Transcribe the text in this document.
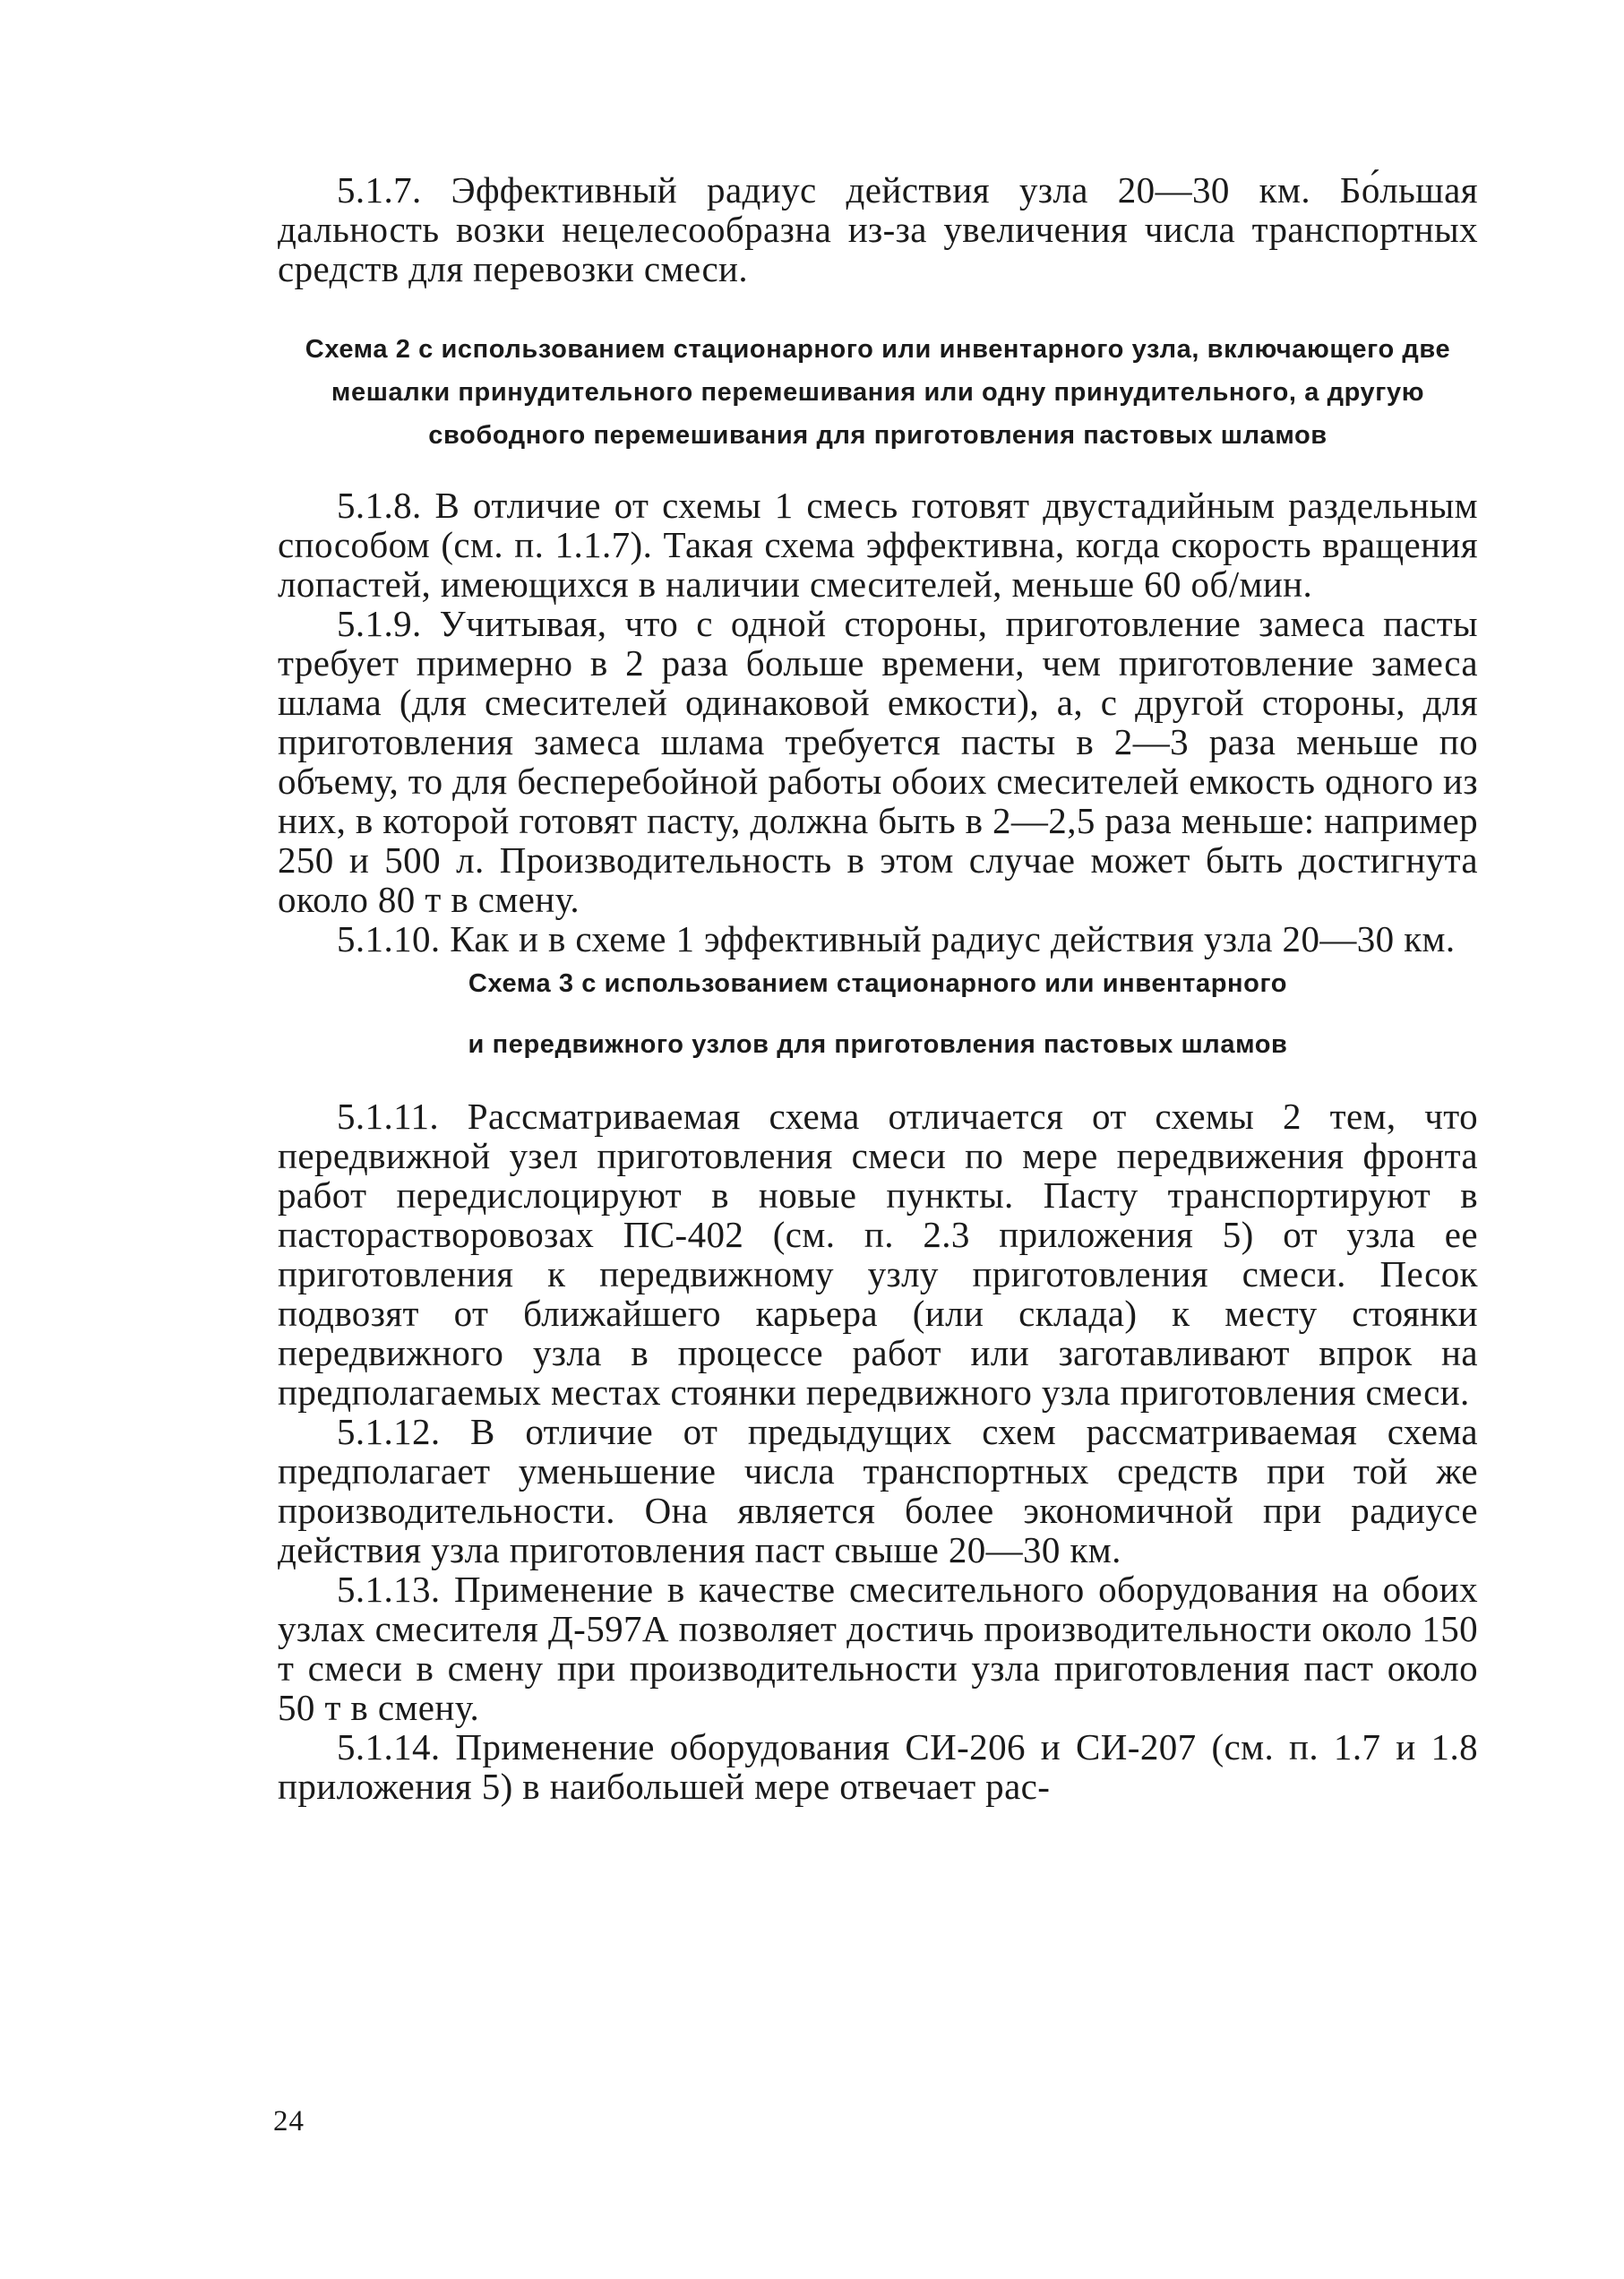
5.1.7. Эффективный радиус действия узла 20—30 км. Бо́льшая дальность возки нецелесообразна из-за увеличения числа транспортных средств для перевозки смеси.

Схема 2 с использованием стационарного или инвентарного узла, включающего две мешалки принудительного перемешивания или одну принудительного, а другую свободного перемешивания для приготовления пастовых шламов

5.1.8. В отличие от схемы 1 смесь готовят двустадийным раздельным способом (см. п. 1.1.7). Такая схема эффективна, когда скорость вращения лопастей, имеющихся в наличии смесителей, меньше 60 об/мин.

5.1.9. Учитывая, что с одной стороны, приготовление замеса пасты требует примерно в 2 раза больше времени, чем приготовление замеса шлама (для смесителей одинаковой емкости), а, с другой стороны, для приготовления замеса шлама требуется пасты в 2—3 раза меньше по объему, то для бесперебойной работы обоих смесителей емкость одного из них, в которой готовят пасту, должна быть в 2—2,5 раза меньше: например 250 и 500 л. Производительность в этом случае может быть достигнута около 80 т в смену.

5.1.10. Как и в схеме 1 эффективный радиус действия узла 20—30 км.

Схема 3 с использованием стационарного или инвентарного
и передвижного узлов для приготовления пастовых шламов

5.1.11. Рассматриваемая схема отличается от схемы 2 тем, что передвижной узел приготовления смеси по мере передвижения фронта работ передислоцируют в новые пункты. Пасту транспортируют в пасторастворовозах ПС-402 (см. п. 2.3 приложения 5) от узла ее приготовления к передвижному узлу приготовления смеси. Песок подвозят от ближайшего карьера (или склада) к месту стоянки передвижного узла в процессе работ или заготавливают впрок на предполагаемых местах стоянки передвижного узла приготовления смеси.

5.1.12. В отличие от предыдущих схем рассматриваемая схема предполагает уменьшение числа транспортных средств при той же производительности. Она является более экономичной при радиусе действия узла приготовления паст свыше 20—30 км.

5.1.13. Применение в качестве смесительного оборудования на обоих узлах смесителя Д-597А позволяет достичь производительности около 150 т смеси в смену при производительности узла приготовления паст около 50 т в смену.

5.1.14. Применение оборудования СИ-206 и СИ-207 (см. п. 1.7 и 1.8 приложения 5) в наибольшей мере отвечает рас-

24
